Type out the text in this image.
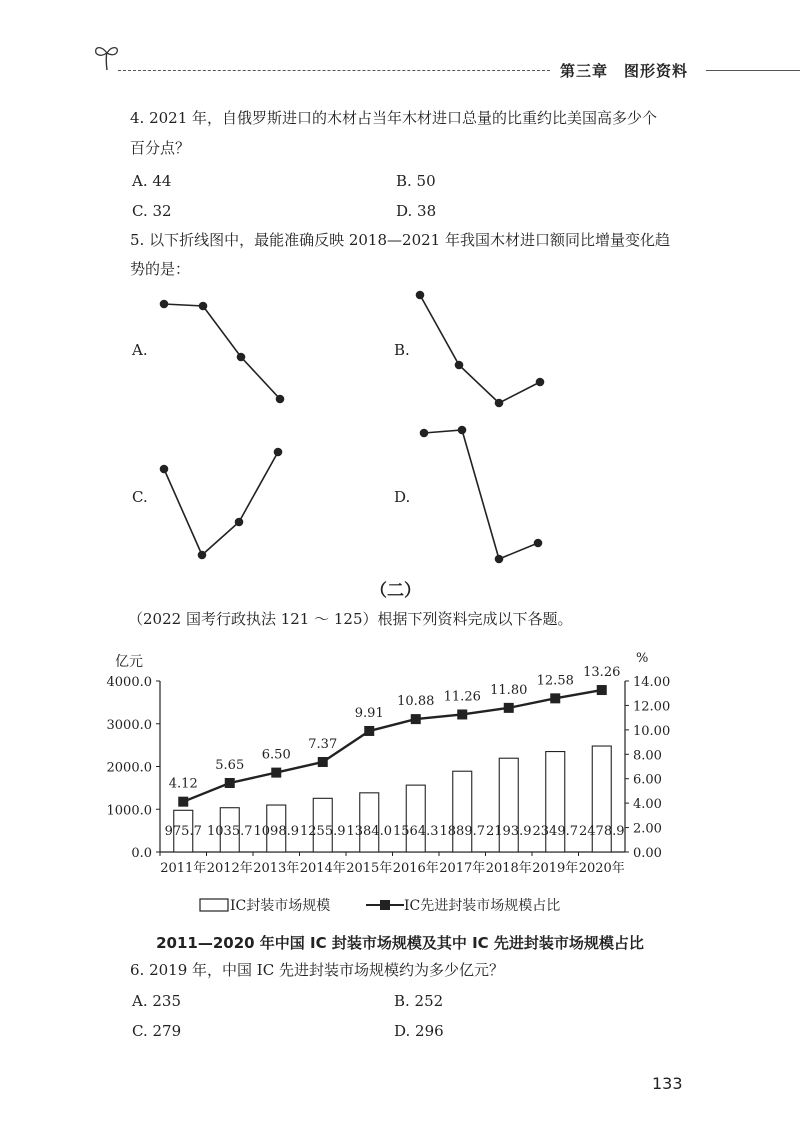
第三章　图形资料
4. 2021 年，自俄罗斯进口的木材占当年木材进口总量的比重约比美国高多少个
百分点？
A. 44	B. 50
C. 32	D. 38
5. 以下折线图中，最能准确反映 2018—2021 年我国木材进口额同比增量变化趋
势的是：
A.	B.
C.	D.
（二）
（2022 国考行政执法 121 ～ 125）根据下列资料完成以下各题。
亿元	%
0.0
1000.0
2000.0
3000.0
4000.0
0.00
2.00
4.00
6.00
8.00
10.00
12.00
14.00
2011年 2012年 2013年 2014年 2015年 2016年 2017年 2018年 2019年 2020年
975.7 1035.7 1098.9 1255.9 1384.0 1564.3 1889.7 2193.9 2349.7 2478.9
4.12
5.65
6.50
7.37
9.91
10.88 11.26 11.80
12.58
13.26
IC封装市场规模	IC先进封装市场规模占比
2011—2020 年中国 IC 封装市场规模及其中 IC 先进封装市场规模占比
6. 2019 年，中国 IC 先进封装市场规模约为多少亿元？
A. 235	B. 252
C. 279	D. 296
133
